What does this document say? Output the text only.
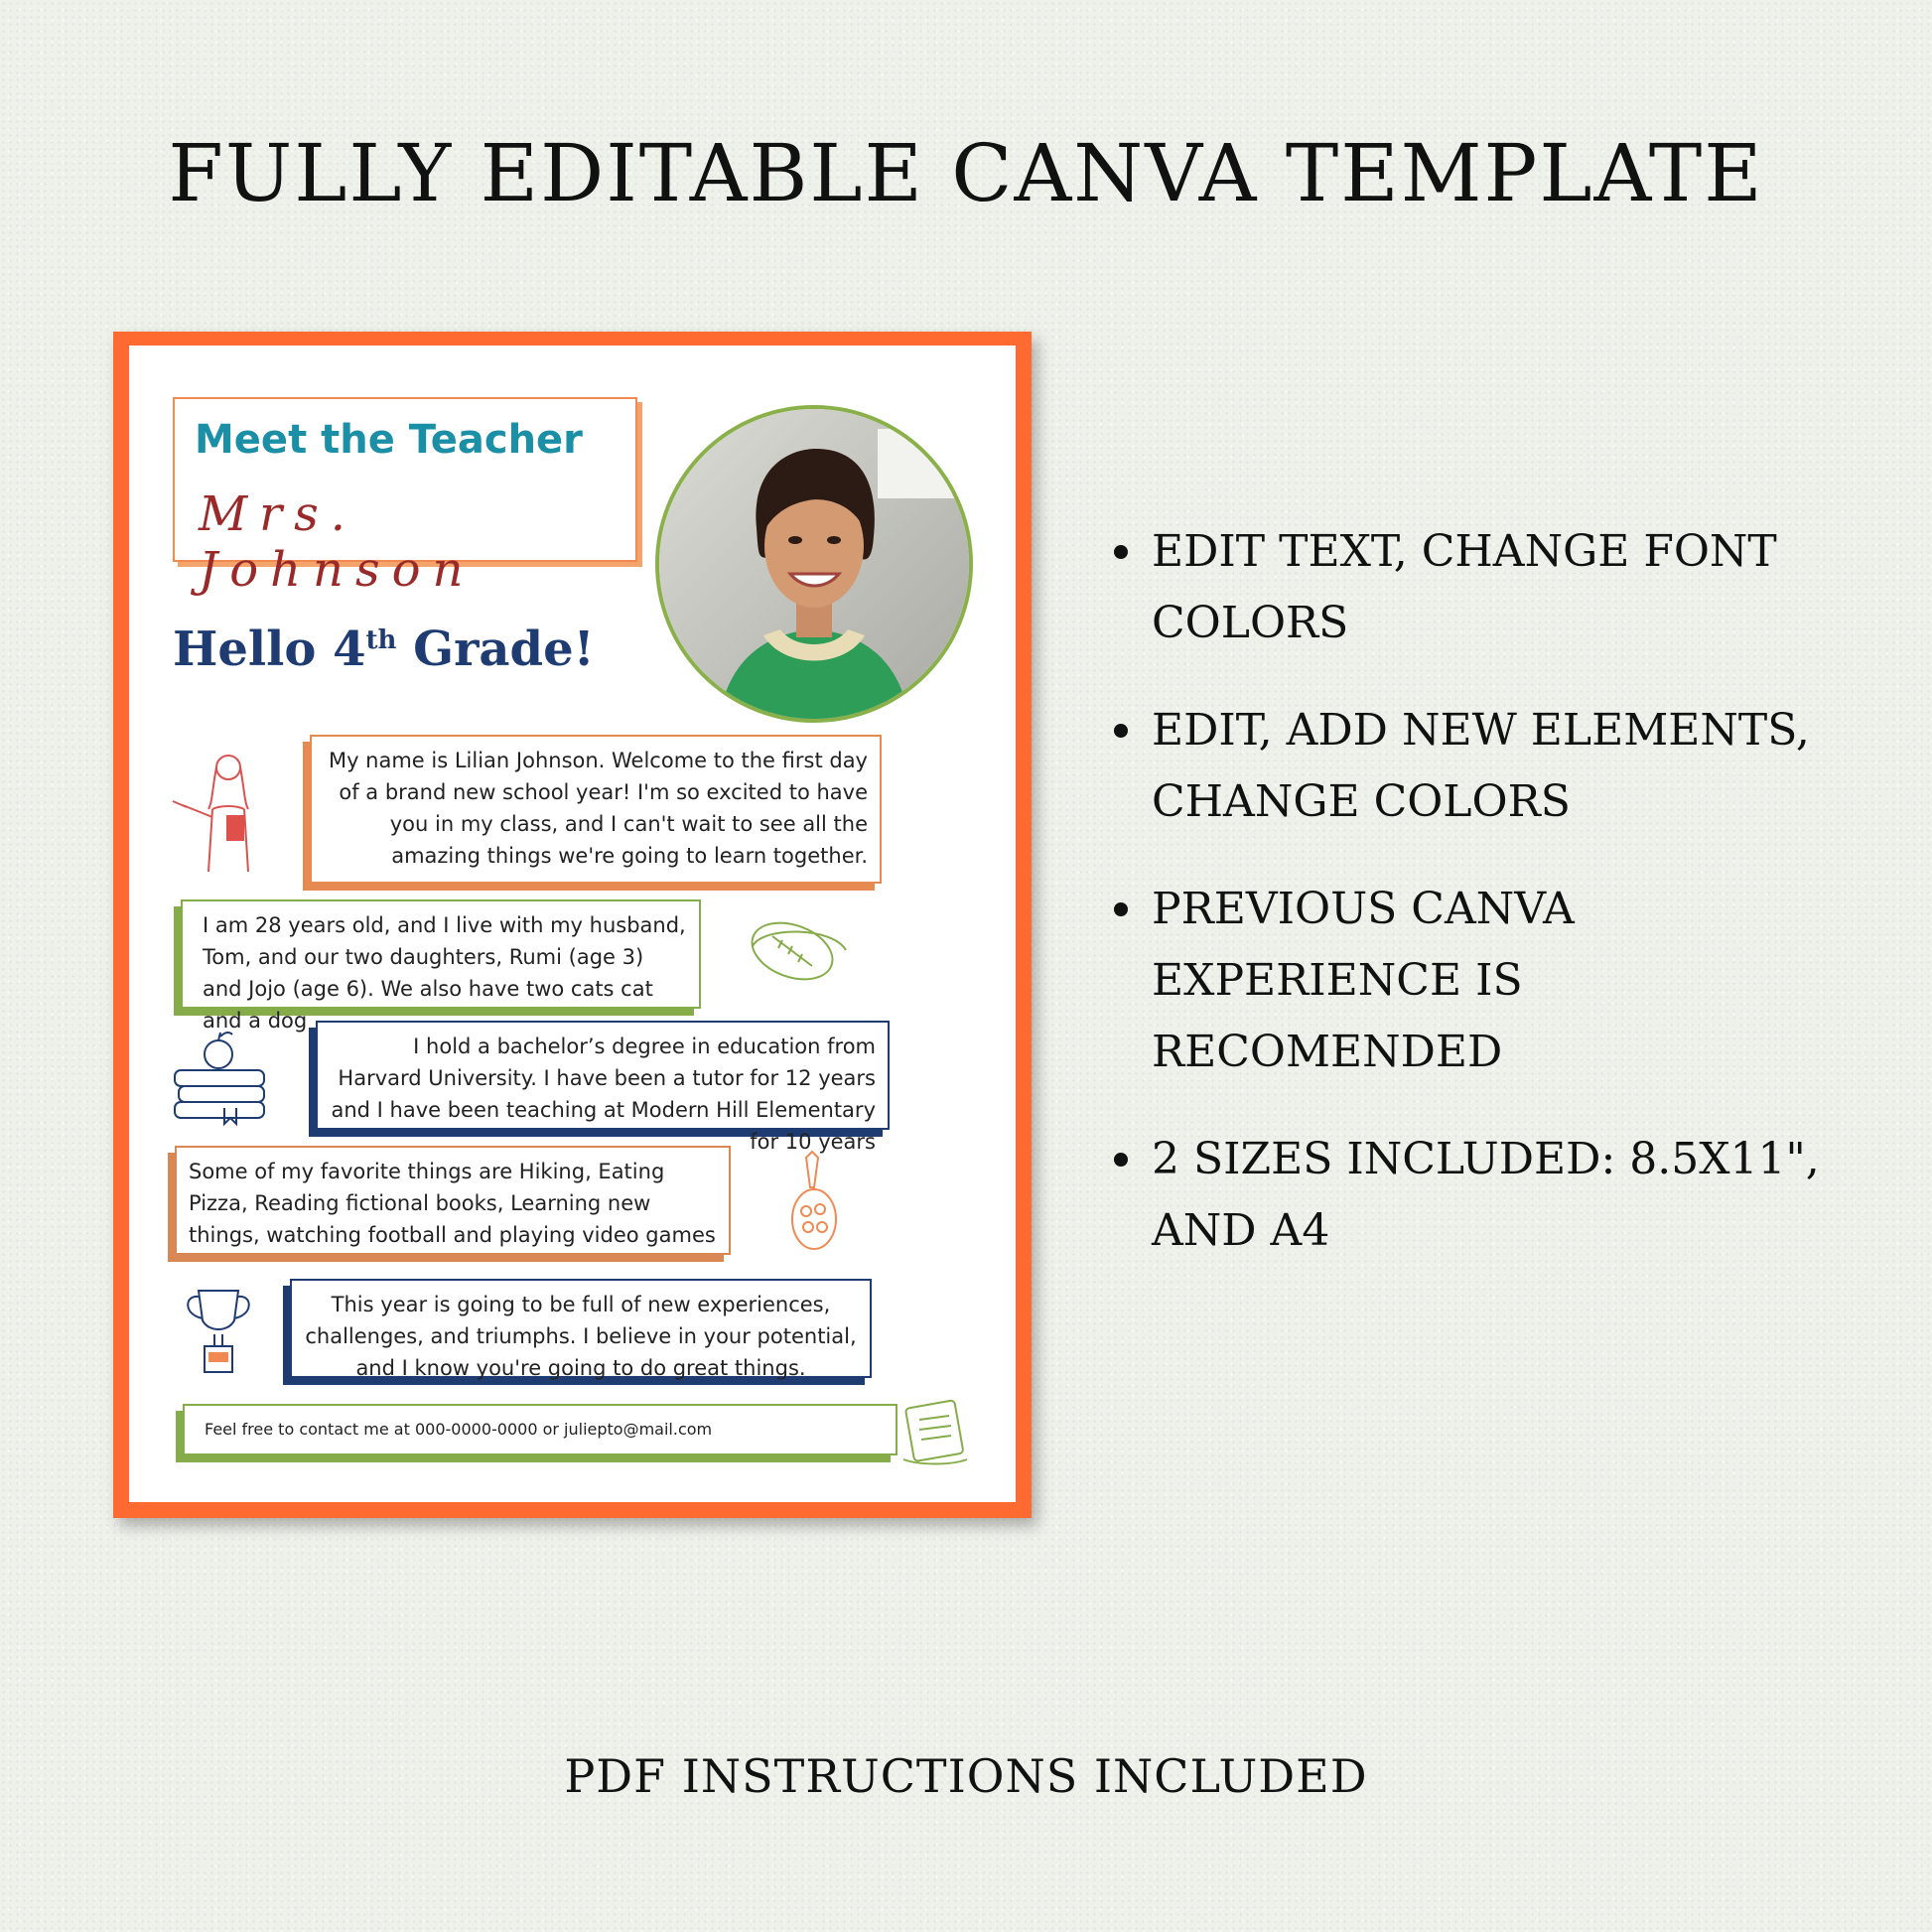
FULLY EDITABLE CANVA TEMPLATE
Meet the Teacher
Mrs. Johnson
Hello 4th Grade!
My name is Lilian Johnson. Welcome to the first day of a brand new school year! I'm so excited to have you in my class, and I can't wait to see all the amazing things we're going to learn together.
I am 28 years old, and I live with my husband, Tom, and our two daughters, Rumi (age 3) and Jojo (age 6). We also have two cats cat and a dog
I hold a bachelor’s degree in education from Harvard University. I have been a tutor for 12 years and I have been teaching at Modern Hill Elementary for 10 years
Some of my favorite things are Hiking, Eating Pizza, Reading fictional books, Learning new things, watching football and playing video games
This year is going to be full of new experiences, challenges, and triumphs. I believe in your potential, and I know you're going to do great things.
Feel free to contact me at 000-0000-0000 or juliepto@mail.com
EDIT TEXT, CHANGE FONT COLORS
EDIT, ADD NEW ELEMENTS, CHANGE COLORS
PREVIOUS CANVA EXPERIENCE IS RECOMENDED
2 SIZES INCLUDED: 8.5X11", AND A4
PDF INSTRUCTIONS INCLUDED
